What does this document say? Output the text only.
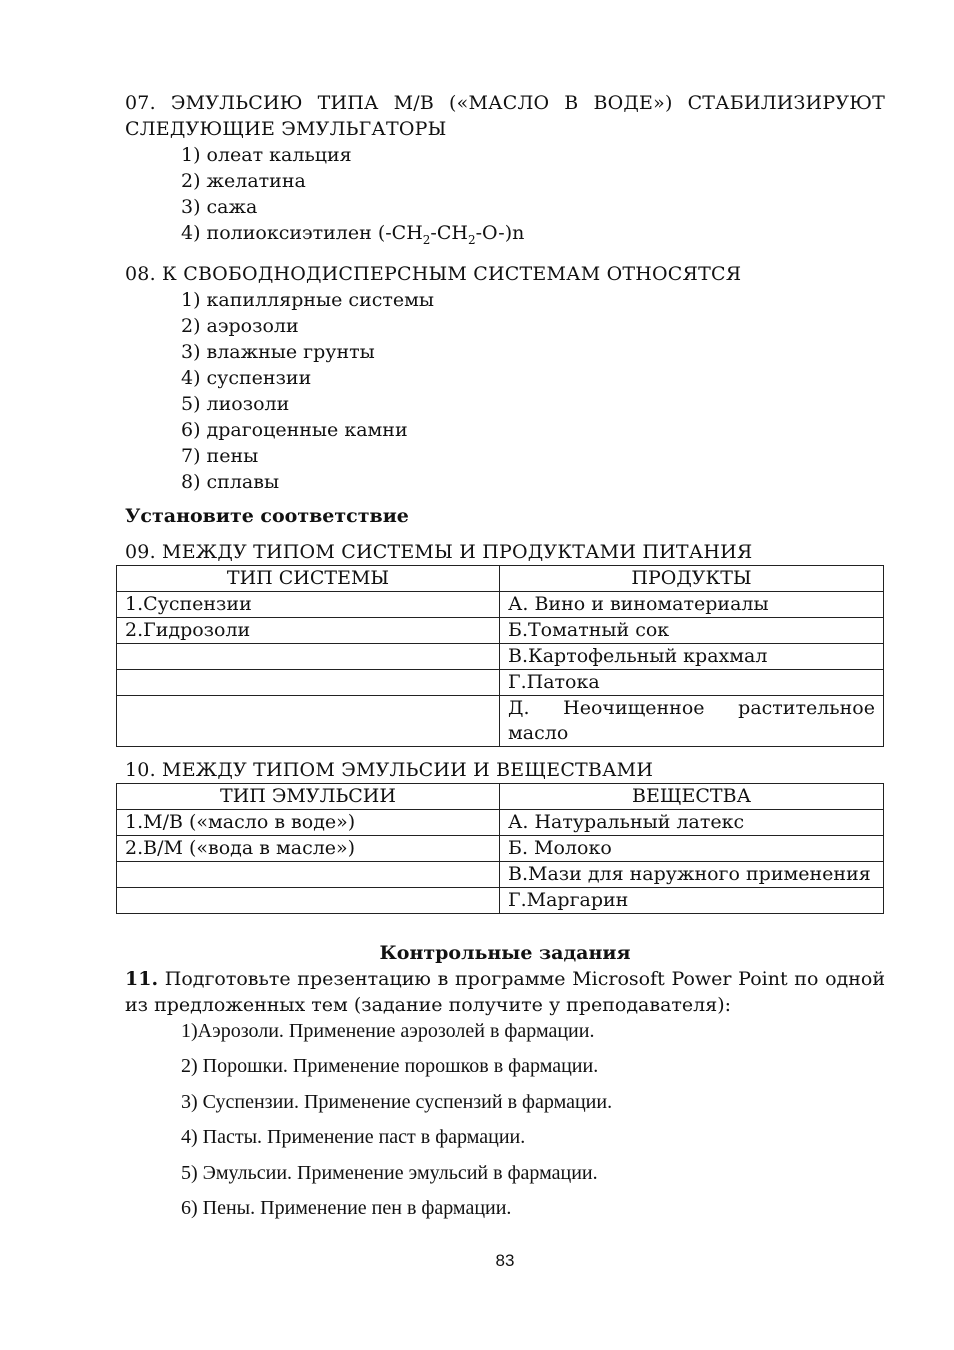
07. ЭМУЛЬСИЮ ТИПА М/В («МАСЛО В ВОДЕ») СТАБИЛИЗИРУЮТ СЛЕДУЮЩИЕ ЭМУЛЬГАТОРЫ

1) олеат кальция
2) желатина
3) сажа
4) полиоксиэтилен $(-CH_2-CH_2-O-)n$

08. К СВОБОДНОДИСПЕРСНЫМ СИСТЕМАМ ОТНОСЯТСЯ

1) капиллярные системы
2) аэрозоли
3) влажные грунты
4) суспензии
5) лиозоли
6) драгоценные камни
7) пены
8) сплавы

Установите соответствие

09. МЕЖДУ ТИПОМ СИСТЕМЫ И ПРОДУКТАМИ ПИТАНИЯ

ТИП СИСТЕМЫ	ПРОДУКТЫ
1.Суспензии	А. Вино и виноматериалы
2.Гидрозоли	Б.Томатный сок
	В.Картофельный крахмал
	Г.Патока

	Д. Неочищенное растительное
масло

10. МЕЖДУ ТИПОМ ЭМУЛЬСИИ И ВЕЩЕСТВАМИ

ТИП ЭМУЛЬСИИ	ВЕЩЕСТВА
1.М/В («масло в воде»)	А. Натуральный латекс
2.В/М («вода в масле»)	Б. Молоко
	В.Мази для наружного применения
	Г.Маргарин

Контрольные задания

11. Подготовьте презентацию в программе Microsoft Power Point по одной из предложенных тем (задание получите у преподавателя):

1)Аэрозоли. Применение аэрозолей в фармации.
2) Порошки. Применение порошков в фармации.
3) Суспензии. Применение суспензий в фармации.
4) Пасты. Применение паст в фармации.
5) Эмульсии. Применение эмульсий в фармации.
6) Пены. Применение пен в фармации.
83
